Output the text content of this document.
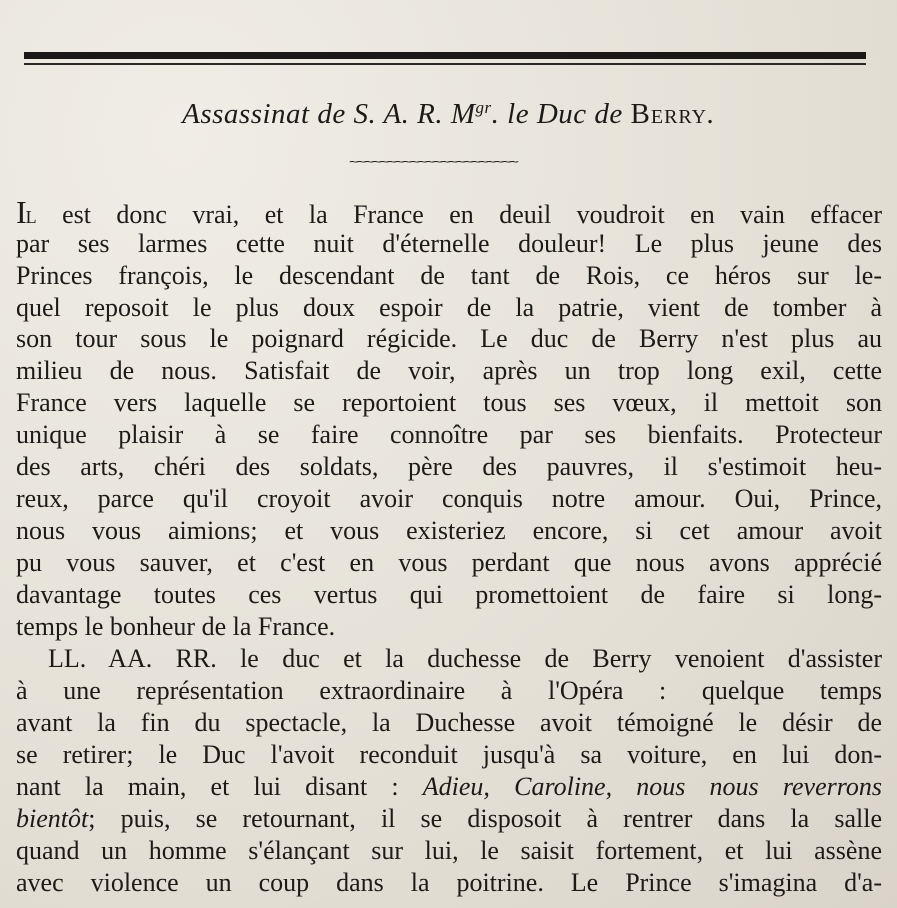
Assassinat de S. A. R. $M^{gr}$. le Duc de Berry.
~~~~~~~~~~~~~~~~~~~~~~
IL est donc vrai, et la France en deuil voudroit en vain effacer
par ses larmes cette nuit d'éternelle douleur! Le plus jeune des
Princes françois, le descendant de tant de Rois, ce héros sur le-
quel reposoit le plus doux espoir de la patrie, vient de tomber à
son tour sous le poignard régicide. Le duc de Berry n'est plus au
milieu de nous. Satisfait de voir, après un trop long exil, cette
France vers laquelle se reportoient tous ses vœux, il mettoit son
unique plaisir à se faire connoître par ses bienfaits. Protecteur
des arts, chéri des soldats, père des pauvres, il s'estimoit heu-
reux, parce qu'il croyoit avoir conquis notre amour. Oui, Prince,
nous vous aimions; et vous existeriez encore, si cet amour avoit
pu vous sauver, et c'est en vous perdant que nous avons apprécié
davantage toutes ces vertus qui promettoient de faire si long-
temps le bonheur de la France.
LL. AA. RR. le duc et la duchesse de Berry venoient d'assister
à une représentation extraordinaire à l'Opéra : quelque temps
avant la fin du spectacle, la Duchesse avoit témoigné le désir de
se retirer; le Duc l'avoit reconduit jusqu'à sa voiture, en lui don-
nant la main, et lui disant : Adieu, Caroline, nous nous reverrons
bientôt; puis, se retournant, il se disposoit à rentrer dans la salle
quand un homme s'élançant sur lui, le saisit fortement, et lui assène
avec violence un coup dans la poitrine. Le Prince s'imagina d'a-
